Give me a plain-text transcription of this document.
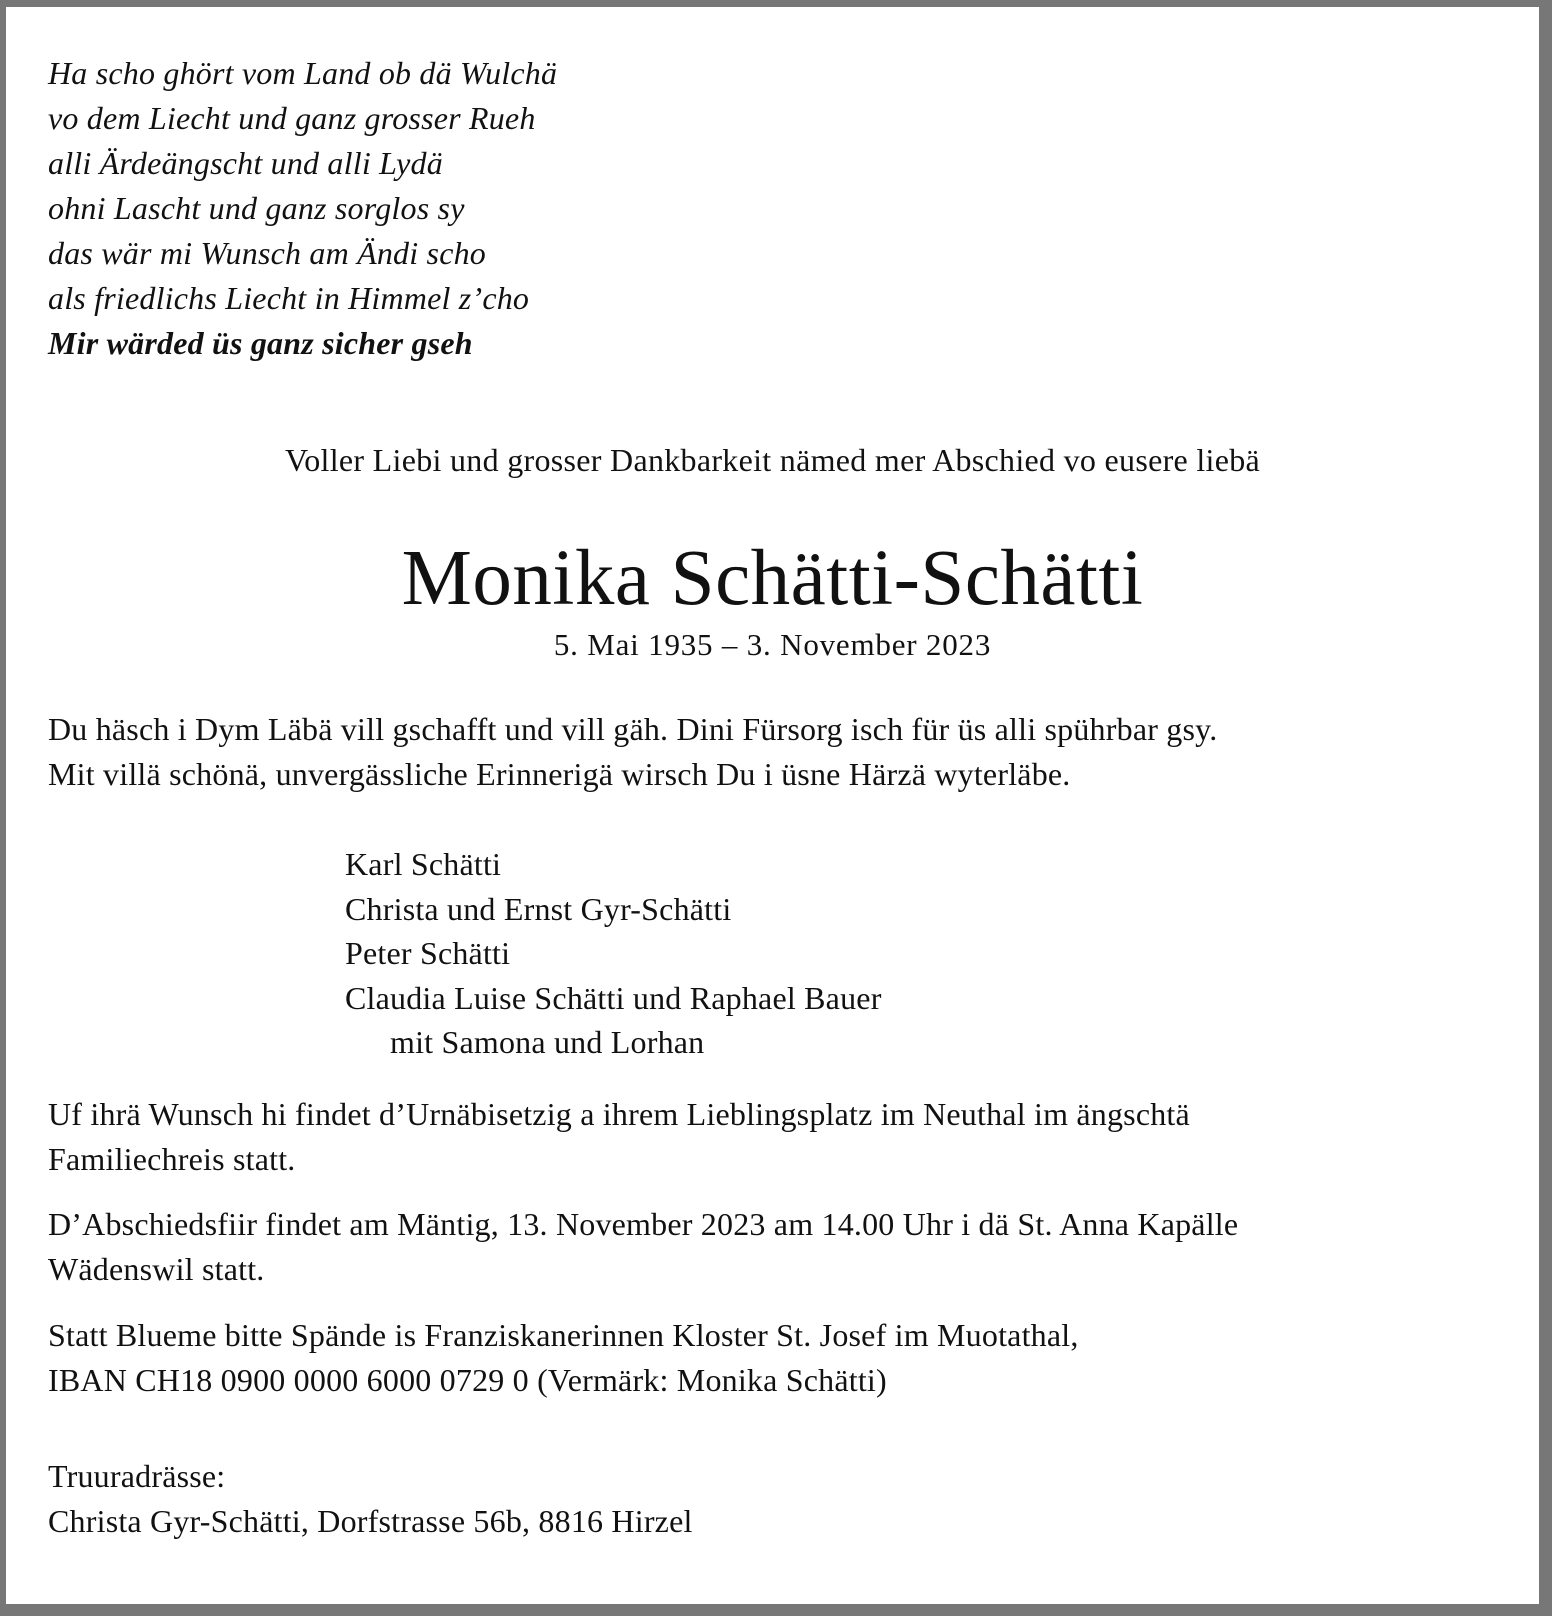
Ha scho ghört vom Land ob dä Wulchä
vo dem Liecht und ganz grosser Rueh
alli Ärdeängscht und alli Lydä
ohni Lascht und ganz sorglos sy
das wär mi Wunsch am Ändi scho
als friedlichs Liecht in Himmel z’cho
Mir wärded üs ganz sicher gseh
Voller Liebi und grosser Dankbarkeit nämed mer Abschied vo eusere liebä
Monika Schätti-Schätti
5. Mai 1935 – 3. November 2023
Du häsch i Dym Läbä vill gschafft und vill gäh. Dini Fürsorg isch für üs alli spührbar gsy.
Mit villä schönä, unvergässliche Erinnerigä wirsch Du i üsne Härzä wyterläbe.
Karl Schätti
Christa und Ernst Gyr-Schätti
Peter Schätti
Claudia Luise Schätti und Raphael Bauer
mit Samona und Lorhan
Uf ihrä Wunsch hi findet d’Urnäbisetzig a ihrem Lieblingsplatz im Neuthal im ängschtä
Familiechreis statt.
D’Abschiedsfiir findet am Mäntig, 13. November 2023 am 14.00 Uhr i dä St. Anna Kapälle
Wädenswil statt.
Statt Blueme bitte Spände is Franziskanerinnen Kloster St. Josef im Muotathal,
IBAN CH18 0900 0000 6000 0729 0 (Vermärk: Monika Schätti)
Truuradrässe:
Christa Gyr-Schätti, Dorfstrasse 56b, 8816 Hirzel
